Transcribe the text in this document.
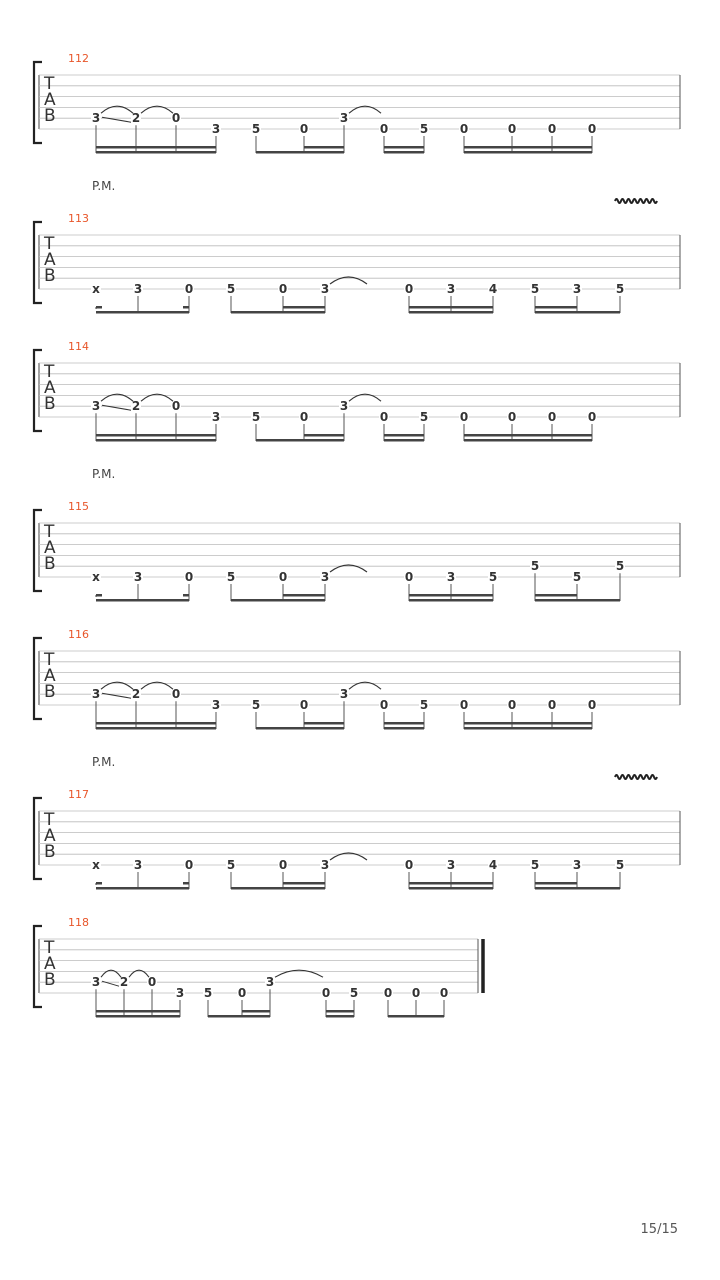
112
T
A
B	3	2	0
3	5	0
3
0	5	0	0	0	0
113
P.M.
T
A
B
x	3	0	5	0	3	0	3	4	5	3	5
114
T
A
B	3	2	0
3	5	0
3
0	5	0	0	0	0
115
P.M.
T
A
B
x	3	0	5	0	3	0	3	5
5
5
5
116
T
A
B	3	2	0
3	5	0
3
0	5	0	0	0	0
117
P.M.
T
A
B
x	3	0	5	0	3	0	3	4	5	3	5
118
T
A
B	3 2 0
3 5 0
3
0 5 0 0 0
15/15
